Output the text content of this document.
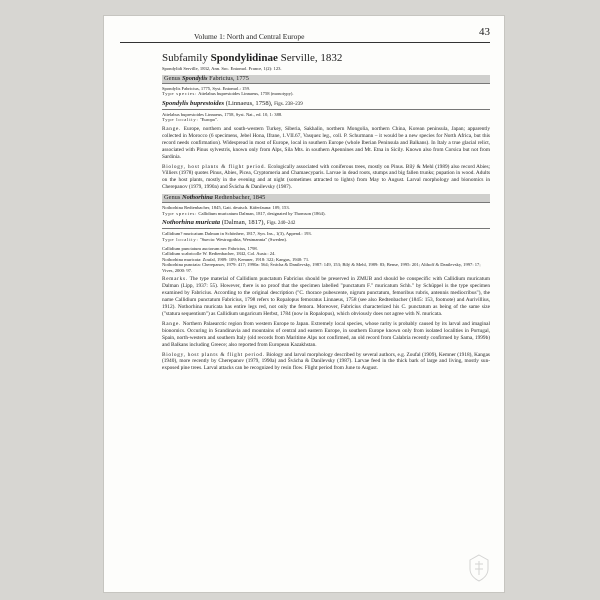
Volume 1: North and Central Europe	43
Subfamily Spondylidinae Serville, 1832
Spondylidi Serville, 1832, Ann. Soc. Entomol. France, 1(2): 123.
Genus Spondylis Fabricius, 1775
Spondylis Fabricius, 1775, Syst. Entomol.: 159.
Type species: Attelabus buprestoides Linnaeus, 1758 (monotypy).
Spondylis buprestoides (Linnaeus, 1758), Figs. 238–239
Attelabus buprestoides Linnaeus, 1758, Syst. Nat., ed. 10, 1: 388.
Type locality: "Europa".
Range. Europe, northern and south-western Turkey, Siberia, Sakhalin, northern Mongolia, northern China, Korean peninsula, Japan; apparently collected in Morocco (6 specimens, Jebel Hona, Ifrane, 1.VII.67, Vasquez leg., coll. P. Schurmann – it would be a new species for North Africa, but this record needs confirmation). Widespread in most of Europe, local in southern Europe (whole Iberian Peninsula and Balkans). In Italy a true glacial relict, associated with Pinus sylvestris, known only from Alps, Sila Mts. in southern Apennines and Mt. Etna in Sicily. Known also from Corsica but not from Sardinia.
Biology, host plants & flight period. Ecologically associated with coniferous trees, mostly on Pinus. Bílý & Mehl (1989) also record Abies; Villiers (1978) quotes Pinus, Abies, Picea, Cryptomeria and Chamaecyparis. Larvae in dead roots, stumps and big fallen trunks; pupation in wood. Adults on the host plants, mostly in the evening and at night (sometimes attracted to lights) from May to August. Larval morphology and bionomics in Cherepanov (1979, 1990a) and Švácha & Danilevsky (1987).
Genus Nothorhina Redtenbacher, 1845
Nothorhina Redtenbacher, 1845, Gatt. deutsch. Käferfauna: 109, 153.
Type species: Callidium muricatum Dalman, 1817, designated by Thomson (1864).
Nothorhina muricata (Dalman, 1817), Figs. 240–242
Callidium? muricatum Dalman in Schönherr, 1817, Syn. Ins., 1(3), Append.: 193.
Type locality: "Suecia: Westrogothia, Westmannia" (Sweden).
Callidium punctatum auctorum nec Fabricius, 1798.
Callidium scabricolle W. Redtenbacher, 1842, Col. Austr.: 24.
Nothorhina muricata: Zoufal, 1909: 109; Kemner, 1918: 322; Kangas, 1940: 71.
Nothorhina punctata: Cherepanov, 1979: 417; 1990a: 564; Švácha & Danilevsky, 1987: 149, 153; Bílý & Mehl, 1989: 83; Bense, 1995: 201; Althoff & Danilevsky, 1997: 17; Vives, 2000: 97.
Remarks. The type material of Callidium punctatum Fabricius should be preserved in ZMUB and should be conspecific with Callidium muricatum Dalman (Lipp, 1937: 55). However, there is no proof that the specimen labelled "punctatum F." muricatum Schh." by Schüppel is the type specimen examined by Fabricius. According to the original description ("C. thorace pubescente, nigrum punctatum, femoribus rubris, antennis mediocribus"), the name Callidium punctatum Fabricius, 1798 refers to Ropalopus femoratus Linnaeus, 1758 (see also Redtenbacher (1845: 153, footnote) and Aurivillius, 1912). Nothorhina muricata has entire legs red, not only the femora. Moreover, Fabricius characterized his C. punctatum as being of the same size ("statura sequentium") as Callidium ungaricum Herbst, 1784 (now in Ropalopus), which obviously does not agree with N. muricata.
Range. Northern Palaearctic region from western Europe to Japan. Extremely local species, whose rarity is probably caused by its larval and imaginal bionomics. Occuring in Scandinavia and mountains of central and eastern Europe, in southern Europe known only from isolated localities in Portugal, Spain, north-western and southern Italy (old records from Maritime Alps not confirmed, an old record from Calabria recently confirmed by Sama, 1999b) and Balkans including Greece; also reported from European Kazakhstan.
Biology, host plants & flight period. Biology and larval morphology described by several authors, e.g. Zoufal (1909), Kemner (1918), Kangas (1940), more recently by Cherepanov (1979, 1990a) and Švácha & Danilevsky (1987). Larvae feed in the thick bark of large and living, mostly sun-exposed pine trees. Larval attacks can be recognized by resin flow. Flight period from June to August.
